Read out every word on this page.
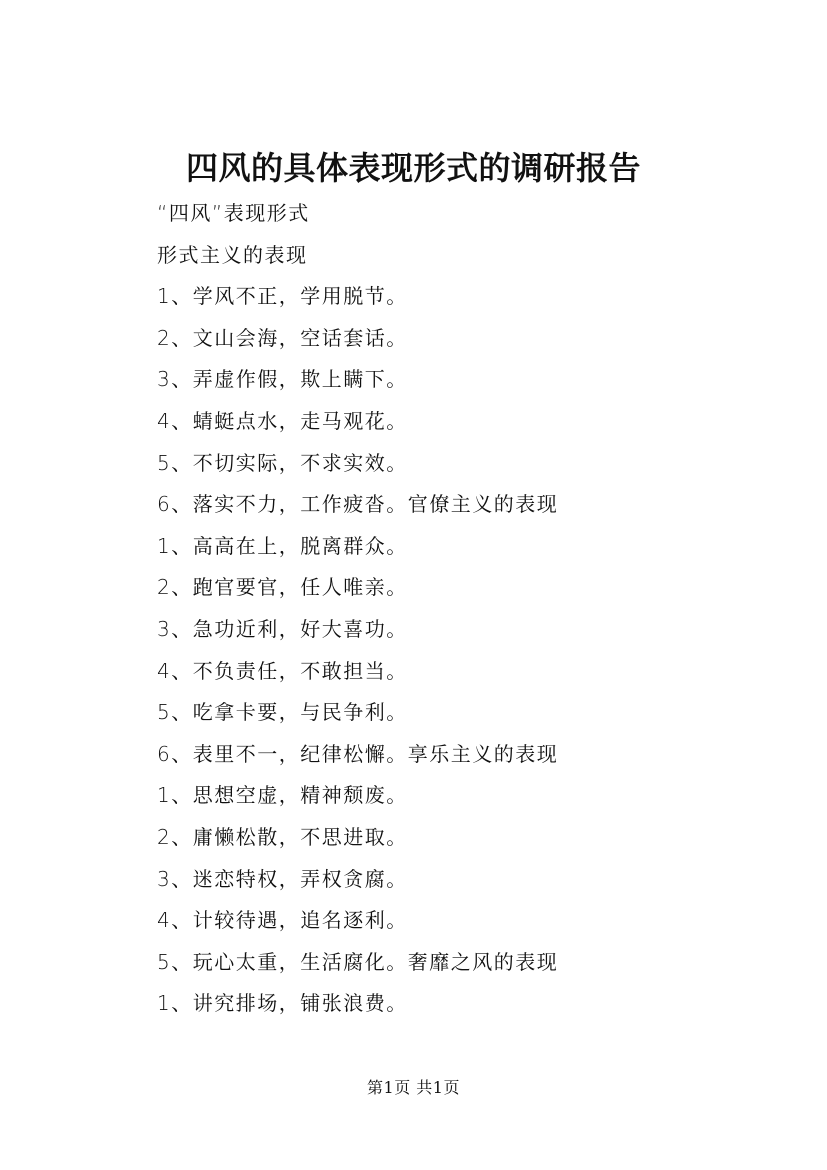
四风的具体表现形式的调研报告
“四风”表现形式
形式主义的表现
1、学风不正，学用脱节。
2、文山会海，空话套话。
3、弄虚作假，欺上瞒下。
4、蜻蜓点水，走马观花。
5、不切实际，不求实效。
6、落实不力，工作疲沓。官僚主义的表现
1、高高在上，脱离群众。
2、跑官要官，任人唯亲。
3、急功近利，好大喜功。
4、不负责任，不敢担当。
5、吃拿卡要，与民争利。
6、表里不一，纪律松懈。享乐主义的表现
1、思想空虚，精神颓废。
2、庸懒松散，不思进取。
3、迷恋特权，弄权贪腐。
4、计较待遇，追名逐利。
5、玩心太重，生活腐化。奢靡之风的表现
1、讲究排场，铺张浪费。
第1页 共1页
